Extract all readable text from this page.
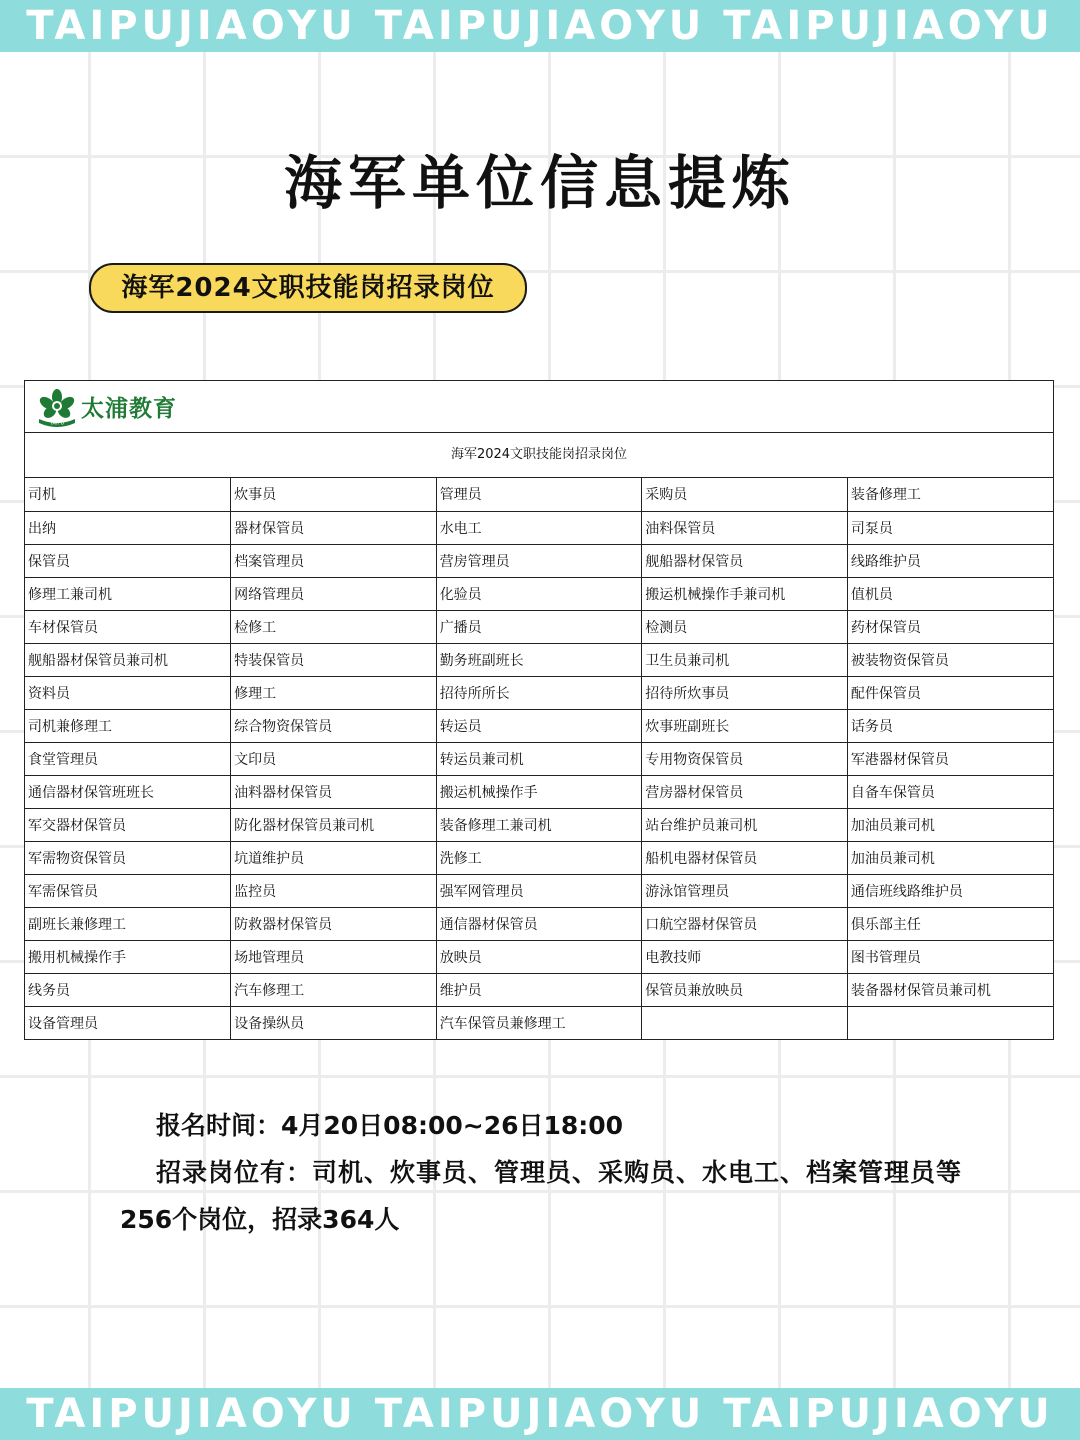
TAIPUJIAOYU TAIPUJIAOYU TAIPUJIAOYU
海军单位信息提炼
海军2024文职技能岗招录岗位
TAIPU
太浦教育
海军2024文职技能岗招录岗位
司机	炊事员	管理员	采购员	装备修理工
出纳	器材保管员	水电工	油料保管员	司泵员
保管员	档案管理员	营房管理员	舰船器材保管员	线路维护员
修理工兼司机	网络管理员	化验员	搬运机械操作手兼司机	值机员
车材保管员	检修工	广播员	检测员	药材保管员
舰船器材保管员兼司机	特装保管员	勤务班副班长	卫生员兼司机	被装物资保管员
资料员	修理工	招待所所长	招待所炊事员	配件保管员
司机兼修理工	综合物资保管员	转运员	炊事班副班长	话务员
食堂管理员	文印员	转运员兼司机	专用物资保管员	军港器材保管员
通信器材保管班班长	油料器材保管员	搬运机械操作手	营房器材保管员	自备车保管员
军交器材保管员	防化器材保管员兼司机	装备修理工兼司机	站台维护员兼司机	加油员兼司机
军需物资保管员	坑道维护员	洗修工	船机电器材保管员	加油员兼司机
军需保管员	监控员	强军网管理员	游泳馆管理员	通信班线路维护员
副班长兼修理工	防救器材保管员	通信器材保管员	口航空器材保管员	俱乐部主任
搬用机械操作手	场地管理员	放映员	电教技师	图书管理员
线务员	汽车修理工	维护员	保管员兼放映员	装备器材保管员兼司机
设备管理员	设备操纵员	汽车保管员兼修理工		
报名时间：4月20日08:00~26日18:00
招录岗位有：司机、炊事员、管理员、采购员、水电工、档案管理员等
256个岗位，招录364人
TAIPUJIAOYU TAIPUJIAOYU TAIPUJIAOYU
